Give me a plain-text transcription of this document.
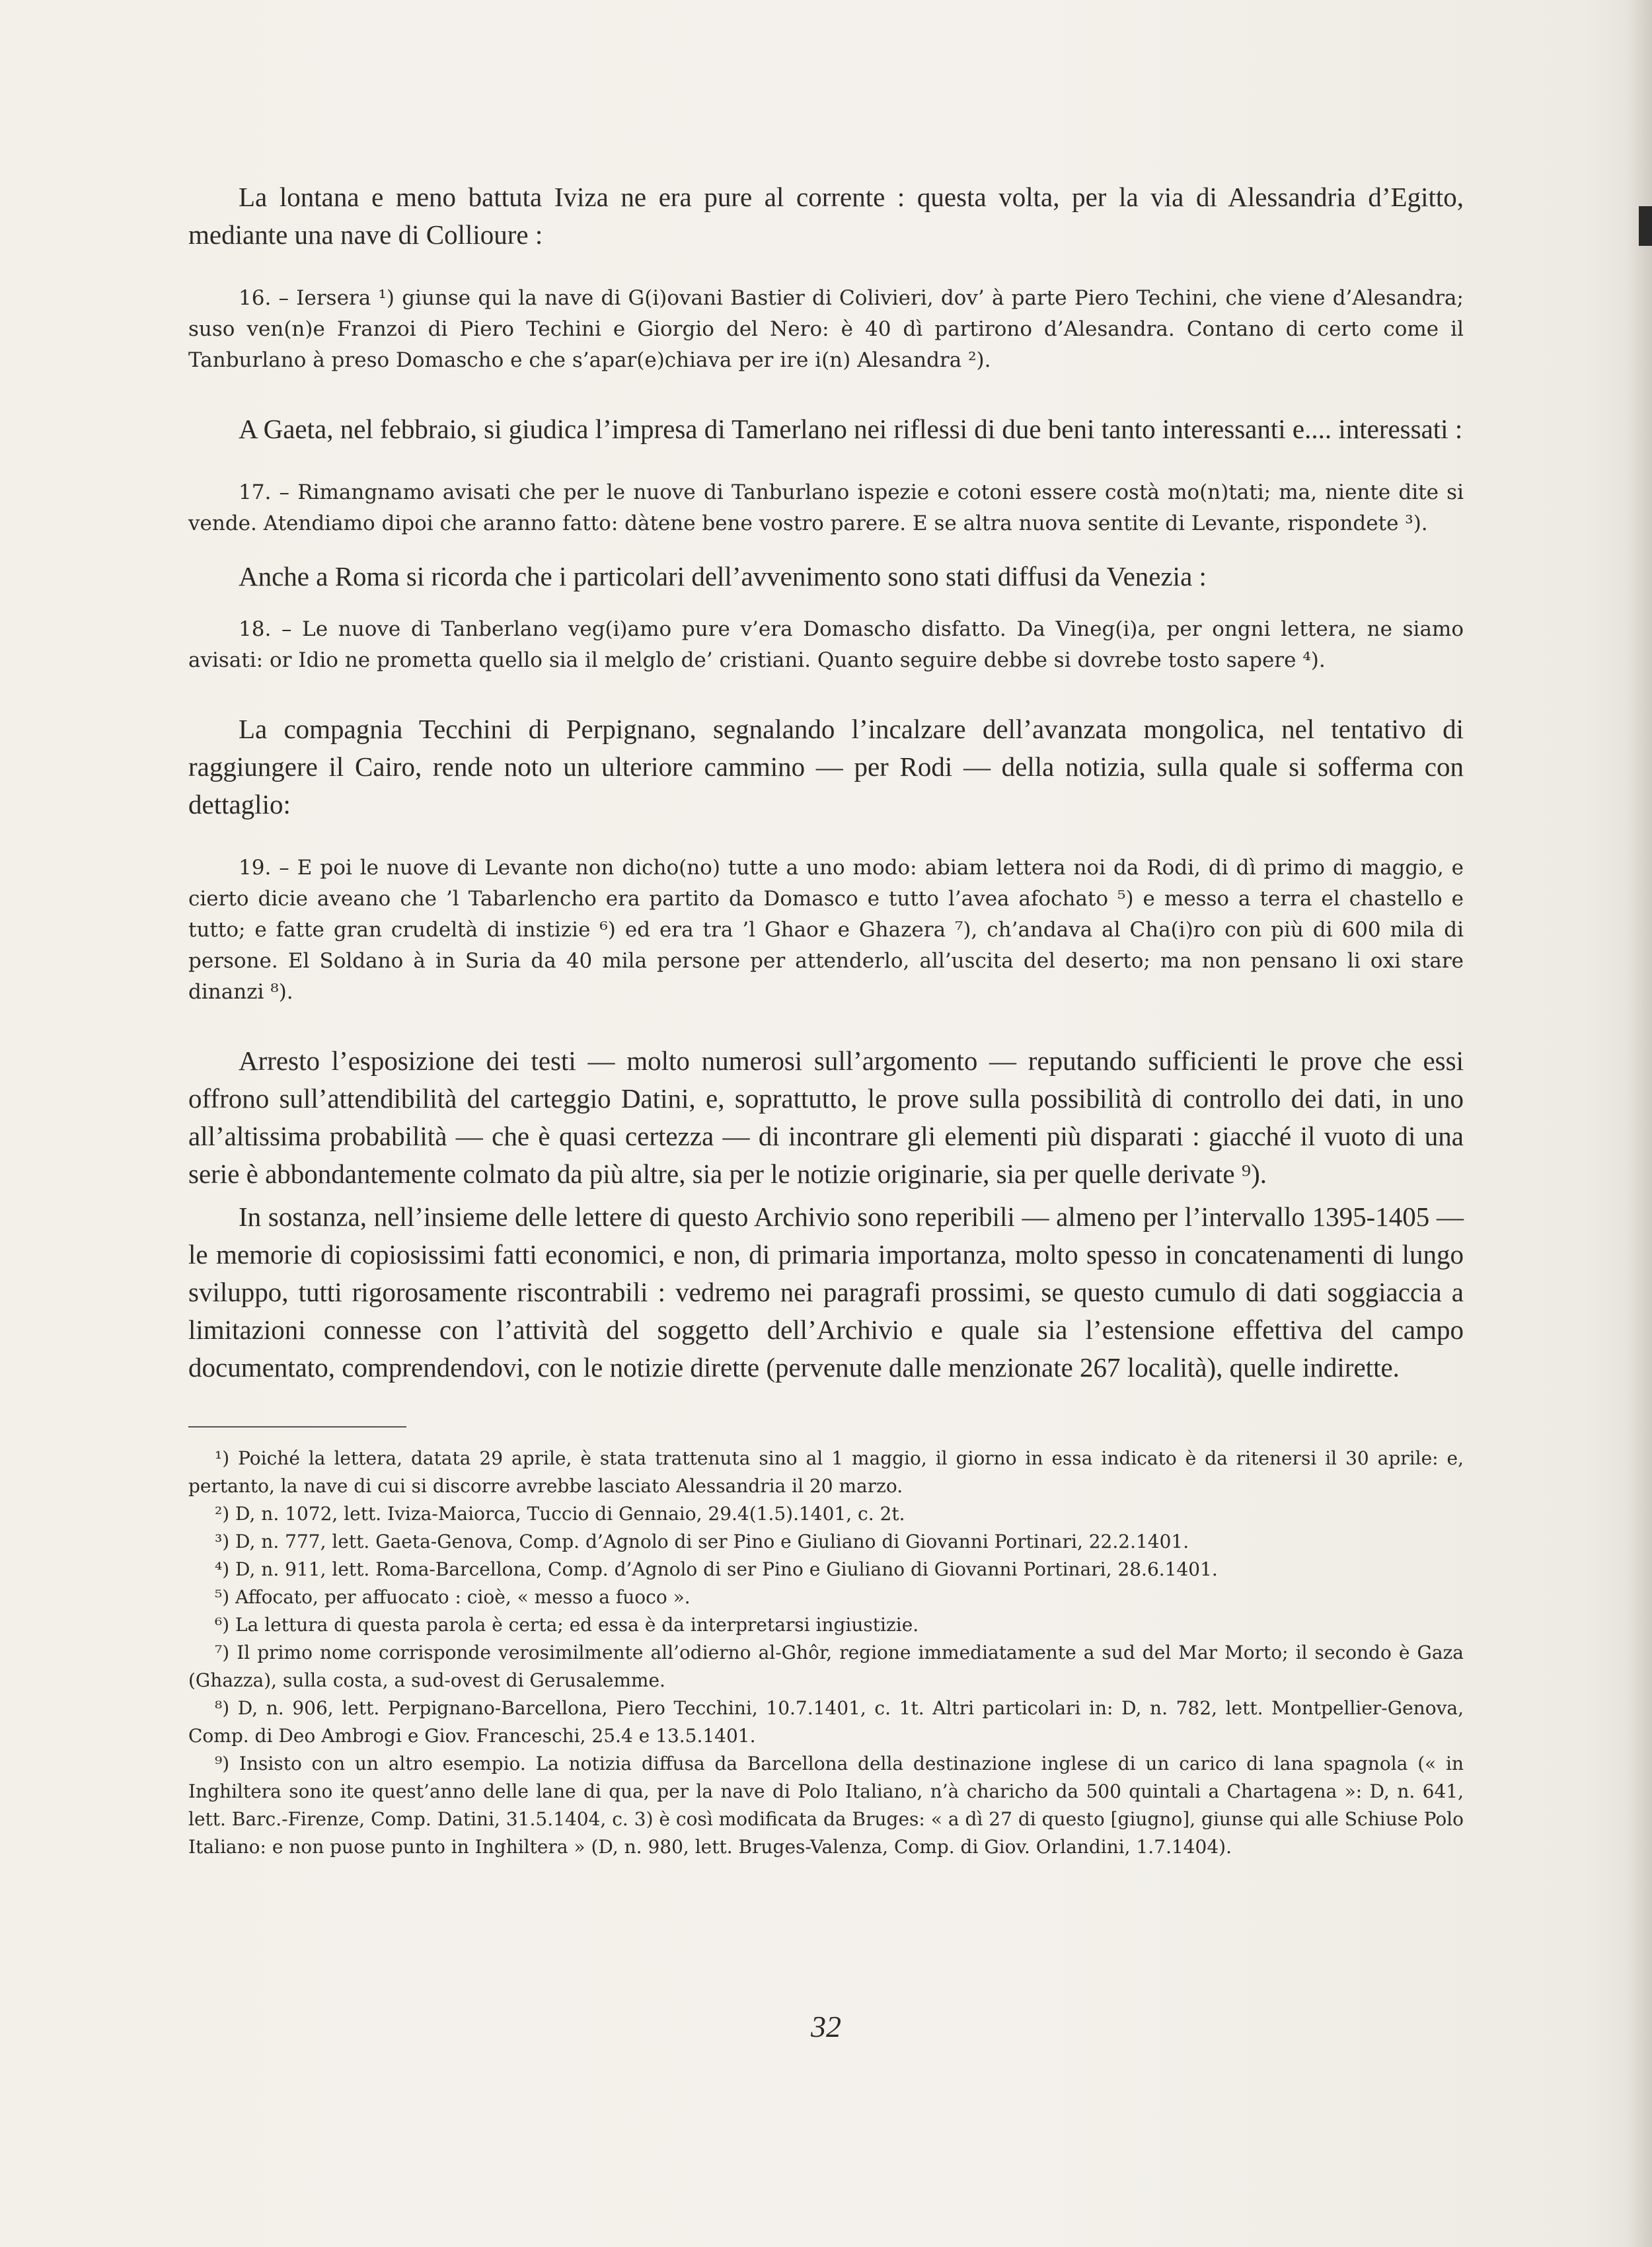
La lontana e meno battuta Iviza ne era pure al corrente : questa volta, per la via di Alessandria d’Egitto, mediante una nave di Collioure :

16. – Iersera ¹) giunse qui la nave di G(i)ovani Bastier di Colivieri, dov’ à parte Piero Techini, che viene d’Alesandra; suso ven(n)e Franzoi di Piero Techini e Giorgio del Nero: è 40 dì partirono d’Alesandra. Contano di certo come il Tanburlano à preso Domascho e che s’apar(e)chiava per ire i(n) Alesandra ²).

A Gaeta, nel febbraio, si giudica l’impresa di Tamerlano nei riflessi di due beni tanto interessanti e.... interessati :

17. – Rimangnamo avisati che per le nuove di Tanburlano ispezie e cotoni essere costà mo(n)tati; ma, niente dite si vende. Atendiamo dipoi che aranno fatto: dàtene bene vostro parere. E se altra nuova sentite di Levante, rispondete ³).

Anche a Roma si ricorda che i particolari dell’avvenimento sono stati diffusi da Venezia :

18. – Le nuove di Tanberlano veg(i)amo pure v’era Domascho disfatto. Da Vineg(i)a, per ongni lettera, ne siamo avisati: or Idio ne prometta quello sia il melglo de’ cristiani. Quanto seguire debbe si dovrebe tosto sapere ⁴).

La compagnia Tecchini di Perpignano, segnalando l’incalzare dell’avanzata mongolica, nel tentativo di raggiungere il Cairo, rende noto un ulteriore cammino — per Rodi — della notizia, sulla quale si sofferma con dettaglio:

19. – E poi le nuove di Levante non dicho(no) tutte a uno modo: abiam lettera noi da Rodi, di dì primo di maggio, e cierto dicie aveano che ’l Tabarlencho era partito da Domasco e tutto l’avea afochato ⁵) e messo a terra el chastello e tutto; e fatte gran crudeltà di instizie ⁶) ed era tra ’l Ghaor e Ghazera ⁷), ch’andava al Cha(i)ro con più di 600 mila di persone. El Soldano à in Suria da 40 mila persone per attenderlo, all’uscita del deserto; ma non pensano li oxi stare dinanzi ⁸).

Arresto l’esposizione dei testi — molto numerosi sull’argomento — reputando sufficienti le prove che essi offrono sull’attendibilità del carteggio Datini, e, soprattutto, le prove sulla possibilità di controllo dei dati, in uno all’altissima probabilità — che è quasi certezza — di incontrare gli elementi più disparati : giacché il vuoto di una serie è abbondantemente colmato da più altre, sia per le notizie originarie, sia per quelle derivate ⁹).

In sostanza, nell’insieme delle lettere di questo Archivio sono reperibili — almeno per l’intervallo 1395-1405 — le memorie di copiosissimi fatti economici, e non, di primaria importanza, molto spesso in concatenamenti di lungo sviluppo, tutti rigorosamente riscontrabili : vedremo nei paragrafi prossimi, se questo cumulo di dati soggiaccia a limitazioni connesse con l’attività del soggetto dell’Archivio e quale sia l’estensione effettiva del campo documentato, comprendendovi, con le notizie dirette (pervenute dalle menzionate 267 località), quelle indirette.

¹) Poiché la lettera, datata 29 aprile, è stata trattenuta sino al 1 maggio, il giorno in essa indicato è da ritenersi il 30 aprile: e, pertanto, la nave di cui si discorre avrebbe lasciato Alessandria il 20 marzo.

²) D, n. 1072, lett. Iviza-Maiorca, Tuccio di Gennaio, 29.4(1.5).1401, c. 2t.

³) D, n. 777, lett. Gaeta-Genova, Comp. d’Agnolo di ser Pino e Giuliano di Giovanni Portinari, 22.2.1401.

⁴) D, n. 911, lett. Roma-Barcellona, Comp. d’Agnolo di ser Pino e Giuliano di Giovanni Portinari, 28.6.1401.

⁵) Affocato, per affuocato : cioè, « messo a fuoco ».

⁶) La lettura di questa parola è certa; ed essa è da interpretarsi ingiustizie.

⁷) Il primo nome corrisponde verosimilmente all’odierno al-Ghôr, regione immediatamente a sud del Mar Morto; il secondo è Gaza (Ghazza), sulla costa, a sud-ovest di Gerusalemme.

⁸) D, n. 906, lett. Perpignano-Barcellona, Piero Tecchini, 10.7.1401, c. 1t. Altri particolari in: D, n. 782, lett. Montpellier-Genova, Comp. di Deo Ambrogi e Giov. Franceschi, 25.4 e 13.5.1401.

⁹) Insisto con un altro esempio. La notizia diffusa da Barcellona della destinazione inglese di un carico di lana spagnola (« in Inghiltera sono ite quest’anno delle lane di qua, per la nave di Polo Italiano, n’à charicho da 500 quintali a Chartagena »: D, n. 641, lett. Barc.-Firenze, Comp. Datini, 31.5.1404, c. 3) è così modificata da Bruges: « a dì 27 di questo [giugno], giunse qui alle Schiuse Polo Italiano: e non puose punto in Inghiltera » (D, n. 980, lett. Bruges-Valenza, Comp. di Giov. Orlandini, 1.7.1404).

32
